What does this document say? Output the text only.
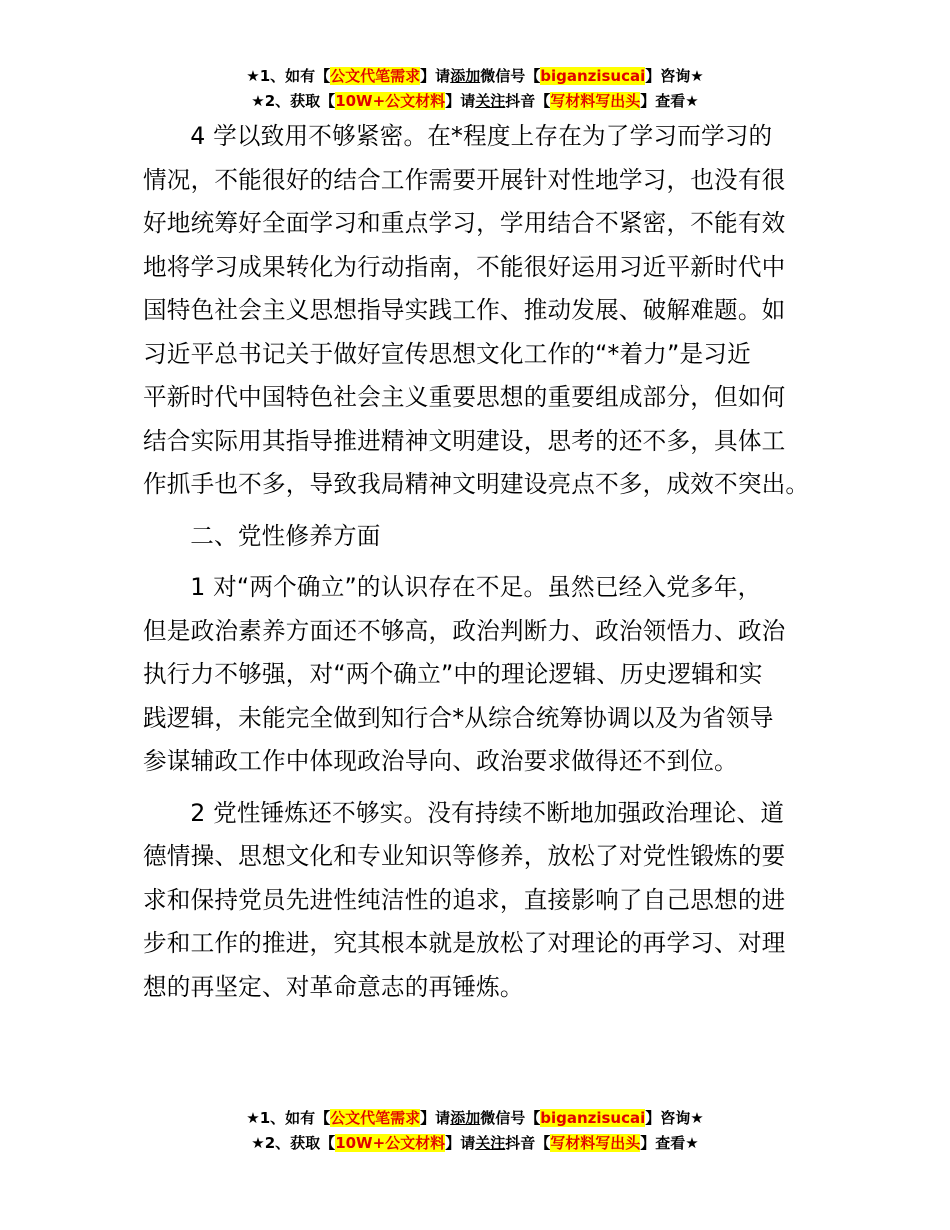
★1、如有【公文代笔需求】请添加微信号【biganzisucai】咨询★
★2、获取【10W+公文材料】请关注抖音【写材料写出头】查看★
4 学以致用不够紧密。在*程度上存在为了学习而学习的
情况，不能很好的结合工作需要开展针对性地学习，也没有很
好地统筹好全面学习和重点学习，学用结合不紧密，不能有效
地将学习成果转化为行动指南，不能很好运用习近平新时代中
国特色社会主义思想指导实践工作、推动发展、破解难题。如
习近平总书记关于做好宣传思想文化工作的“*着力”是习近
平新时代中国特色社会主义重要思想的重要组成部分，但如何
结合实际用其指导推进精神文明建设，思考的还不多，具体工
作抓手也不多，导致我局精神文明建设亮点不多，成效不突出。
二、党性修养方面
1 对“两个确立”的认识存在不足。虽然已经入党多年，
但是政治素养方面还不够高，政治判断力、政治领悟力、政治
执行力不够强，对“两个确立”中的理论逻辑、历史逻辑和实
践逻辑，未能完全做到知行合*从综合统筹协调以及为省领导
参谋辅政工作中体现政治导向、政治要求做得还不到位。
2 党性锤炼还不够实。没有持续不断地加强政治理论、道
德情操、思想文化和专业知识等修养，放松了对党性锻炼的要
求和保持党员先进性纯洁性的追求，直接影响了自己思想的进
步和工作的推进，究其根本就是放松了对理论的再学习、对理
想的再坚定、对革命意志的再锤炼。
★1、如有【公文代笔需求】请添加微信号【biganzisucai】咨询★
★2、获取【10W+公文材料】请关注抖音【写材料写出头】查看★
